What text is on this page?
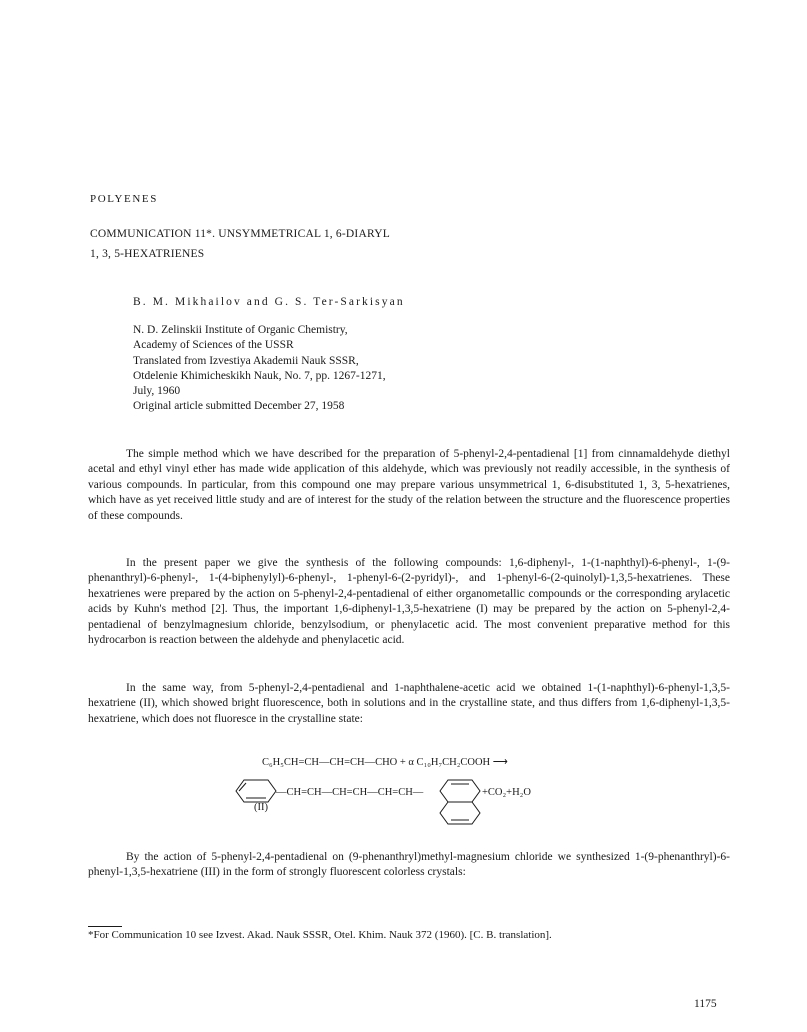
POLYENES
COMMUNICATION 11*. UNSYMMETRICAL 1, 6-DIARYL
1, 3, 5-HEXATRIENES
B. M. Mikhailov and G. S. Ter-Sarkisyan
N. D. Zelinskii Institute of Organic Chemistry,
Academy of Sciences of the USSR
Translated from Izvestiya Akademii Nauk SSSR,
Otdelenie Khimicheskikh Nauk, No. 7, pp. 1267-1271,
July, 1960
Original article submitted December 27, 1958

The simple method which we have described for the preparation of 5-phenyl-2,4-pentadienal [1] from cinnamaldehyde diethyl acetal and ethyl vinyl ether has made wide application of this aldehyde, which was previously not readily accessible, in the synthesis of various compounds. In particular, from this compound one may prepare various unsymmetrical 1, 6-disubstituted 1, 3, 5-hexatrienes, which have as yet received little study and are of interest for the study of the relation between the structure and the fluorescence properties of these compounds.

In the present paper we give the synthesis of the following compounds: 1,6-diphenyl-, 1-(1-naphthyl)-6-phenyl-, 1-(9-phenanthryl)-6-phenyl-, 1-(4-biphenylyl)-6-phenyl-, 1-phenyl-6-(2-pyridyl)-, and 1-phenyl-6-(2-quinolyl)-1,3,5-hexatrienes. These hexatrienes were prepared by the action on 5-phenyl-2,4-pentadienal of either organometallic compounds or the corresponding arylacetic acids by Kuhn's method [2]. Thus, the important 1,6-diphenyl-1,3,5-hexatriene (I) may be prepared by the action on 5-phenyl-2,4-pentadienal of benzylmagnesium chloride, benzylsodium, or phenylacetic acid. The most convenient preparative method for this hydrocarbon is reaction between the aldehyde and phenylacetic acid.

In the same way, from 5-phenyl-2,4-pentadienal and 1-naphthalene-acetic acid we obtained 1-(1-naphthyl)-6-phenyl-1,3,5-hexatriene (II), which showed bright fluorescence, both in solutions and in the crystalline state, and thus differs from 1,6-diphenyl-1,3,5-hexatriene, which does not fluoresce in the crystalline state:

C₆H₅CH=CH—CH=CH—CHO + α C₁₀H₇CH₂COOH ⟶
—CH=CH—CH=CH—CH=CH—	+CO₂+H₂O
(II)

By the action of 5-phenyl-2,4-pentadienal on (9-phenanthryl)methyl-magnesium chloride we synthesized 1-(9-phenanthryl)-6-phenyl-1,3,5-hexatriene (III) in the form of strongly fluorescent colorless crystals:

*For Communication 10 see Izvest. Akad. Nauk SSSR, Otel. Khim. Nauk 372 (1960). [C. B. translation].
1175
